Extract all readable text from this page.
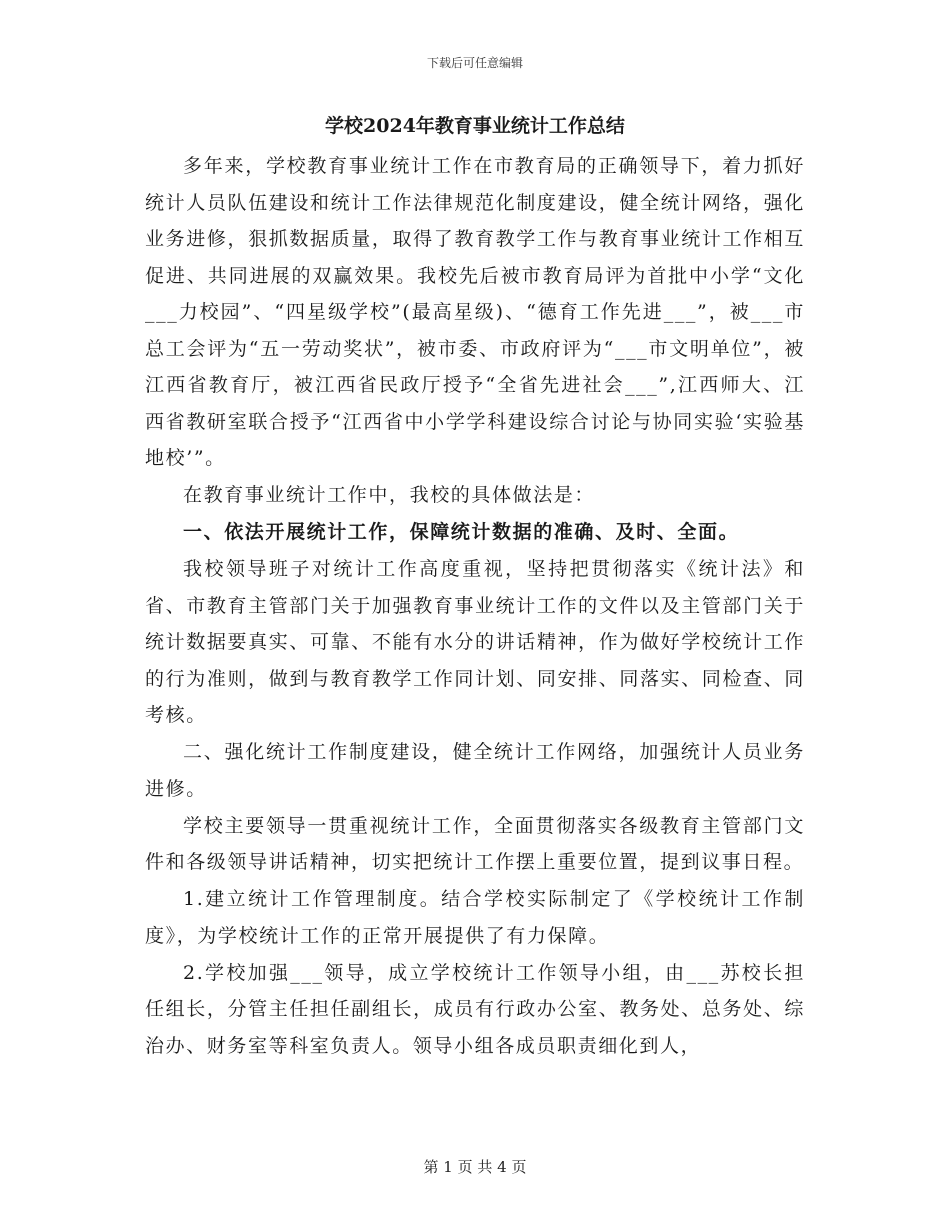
下载后可任意编辑
学校2024年教育事业统计工作总结

多年来，学校教育事业统计工作在市教育局的正确领导下，着力抓好统计人员队伍建设和统计工作法律规范化制度建设，健全统计网络，强化业务进修，狠抓数据质量，取得了教育教学工作与教育事业统计工作相互促进、共同进展的双赢效果。我校先后被市教育局评为首批中小学“文化___力校园”、“四星级学校”(最高星级)、“德育工作先进___”，被___市总工会评为“五一劳动奖状”，被市委、市政府评为“___市文明单位”，被江西省教育厅，被江西省民政厅授予“全省先进社会___”,江西师大、江西省教研室联合授予“江西省中小学学科建设综合讨论与协同实验‘实验基地校’”。

在教育事业统计工作中，我校的具体做法是：

一、依法开展统计工作，保障统计数据的准确、及时、全面。

我校领导班子对统计工作高度重视，坚持把贯彻落实《统计法》和省、市教育主管部门关于加强教育事业统计工作的文件以及主管部门关于统计数据要真实、可靠、不能有水分的讲话精神，作为做好学校统计工作的行为准则，做到与教育教学工作同计划、同安排、同落实、同检查、同考核。

二、强化统计工作制度建设，健全统计工作网络，加强统计人员业务进修。

学校主要领导一贯重视统计工作，全面贯彻落实各级教育主管部门文件和各级领导讲话精神，切实把统计工作摆上重要位置，提到议事日程。

1.建立统计工作管理制度。结合学校实际制定了《学校统计工作制度》，为学校统计工作的正常开展提供了有力保障。

2.学校加强___领导，成立学校统计工作领导小组，由___苏校长担任组长，分管主任担任副组长，成员有行政办公室、教务处、总务处、综治办、财务室等科室负责人。领导小组各成员职责细化到人，

第 1 页 共 4 页
